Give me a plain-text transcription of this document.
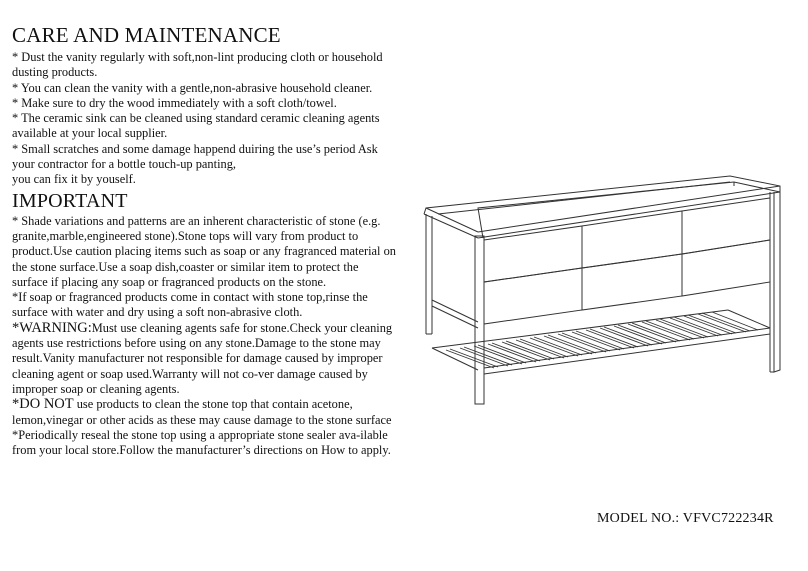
CARE AND MAINTENANCE

* Dust the vanity regularly with soft,non-lint producing cloth or household dusting products.

* You can clean the vanity with a gentle,non-abrasive household cleaner.

* Make sure to dry the wood immediately with a soft cloth/towel.

* The ceramic sink can be cleaned using standard ceramic cleaning agents available at your local supplier.

* Small scratches and some damage happend duiring the use’s period Ask your contractor for a bottle touch-up panting,

you can fix it by youself.

IMPORTANT

* Shade variations and patterns are an inherent characteristic of stone (e.g. granite,marble,engineered stone).Stone tops will vary from product to product.Use caution placing items such as soap or any fragranced material on the stone surface.Use a soap dish,coaster or similar item to protect the surface if placing any soap or fragranced products on the stone.

*If soap or fragranced products come in contact with stone top,rinse the surface with water and dry using a soft non-abrasive cloth.

*WARNING:Must use cleaning agents safe for stone.Check your cleaning agents use restrictions before using on any stone.Damage to the stone may result.Vanity manufacturer not responsible for damage caused by improper cleaning agent or soap used.Warranty will not co-ver damage caused by improper soap or cleaning agents.

*DO NOT use products to clean the stone top that contain acetone, lemon,vinegar or other acids as these may cause damage to the stone surface

*Periodically reseal the stone top using a appropriate stone sealer ava-ilable from your local store.Follow the manufacturer’s directions on How to apply.

MODEL NO.: VFVC722234R
